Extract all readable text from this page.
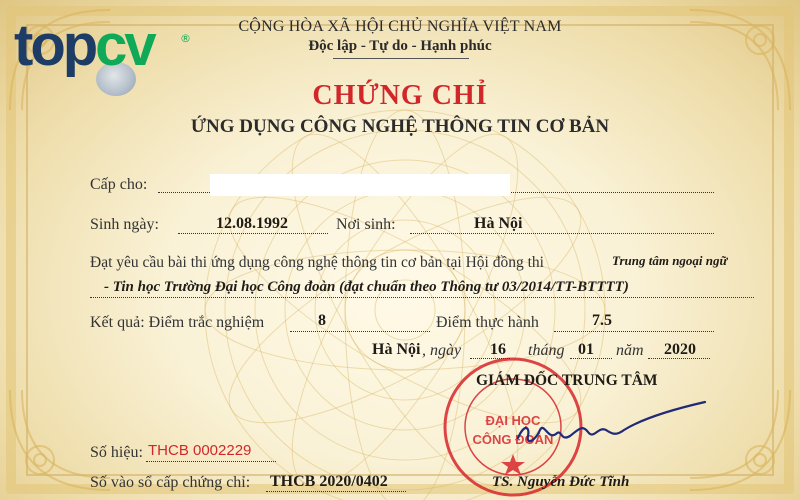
topcv ®
CỘNG HÒA XÃ HỘI CHỦ NGHĨA VIỆT NAM
Độc lập - Tự do - Hạnh phúc
CHỨNG CHỈ
ỨNG DỤNG CÔNG NGHỆ THÔNG TIN CƠ BẢN
Cấp cho:
Sinh ngày:	12.08.1992	Nơi sinh:	Hà Nội
Đạt yêu cầu bài thi ứng dụng công nghệ thông tin cơ bản tại Hội đồng thi	Trung tâm ngoại ngữ
- Tin học Trường Đại học Công đoàn (đạt chuẩn theo Thông tư 03/2014/TT-BTTTT)
Kết quả: Điểm trắc nghiệm	8	Điểm thực hành	7.5
ĐẠI HỌC
CÔNG ĐOÀN
Hà Nội , ngày 16 tháng 01 năm 2020
GIÁM ĐỐC TRUNG TÂM
Số hiệu: THCB 0002229
Số vào sổ cấp chứng chỉ: THCB 2020/0402	TS. Nguyễn Đức Tĩnh
